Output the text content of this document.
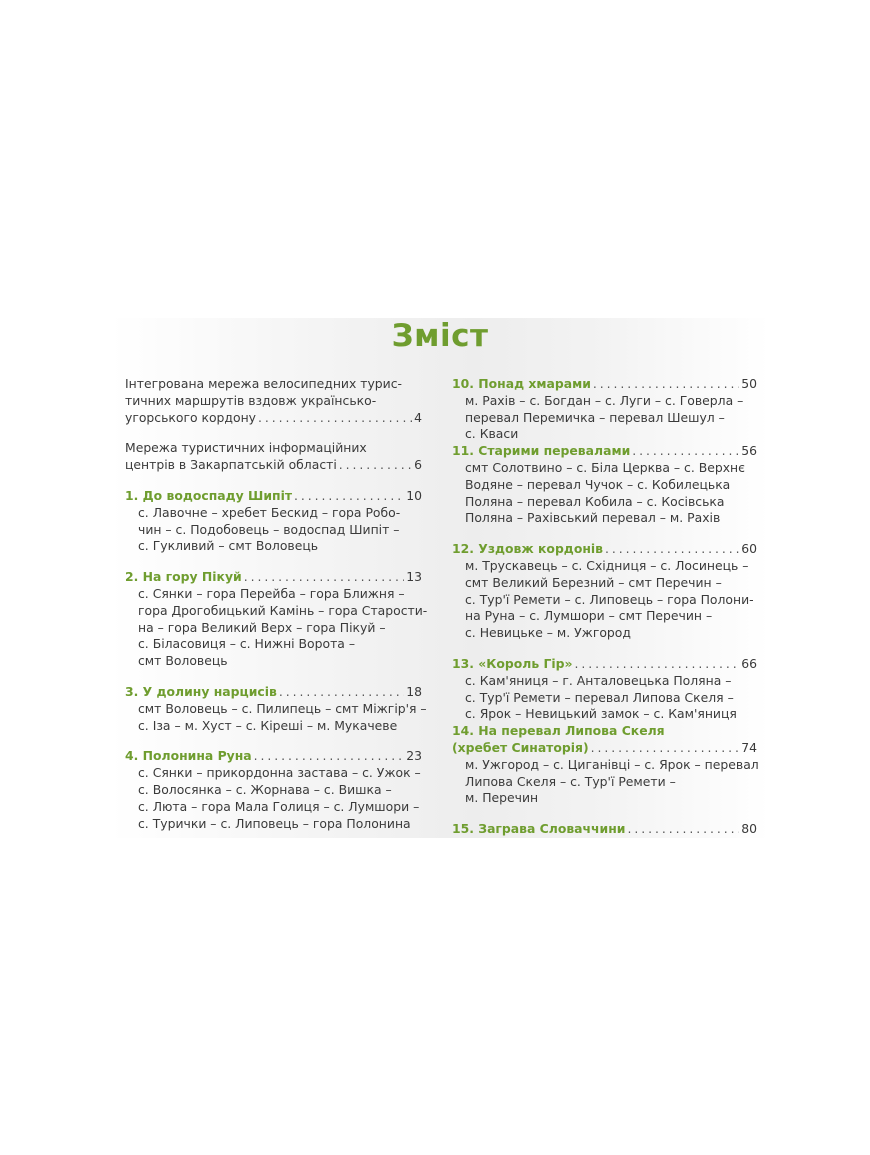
Зміст
Інтегрована мережа велосипедних турис-
тичних маршрутів вздовж українсько-
угорського кордону . . .	4
Мережа туристичних інформаційних
центрів в Закарпатській області . . .	6
1. До водоспаду Шипіт . . .	10
с. Лавочне – хребет Бескид – гора Робо-
чин – с. Подобовець – водоспад Шипіт –
с. Гукливий – смт Воловець
2. На гору Пікуй . . .	13
с. Сянки – гора Перейба – гора Ближня –
гора Дрогобицький Камінь – гора Старости-
на – гора Великий Верх – гора Пікуй –
с. Біласовиця – с. Нижні Ворота –
смт Воловець
3. У долину нарцисів . . .	18
смт Воловець – с. Пилипець – смт Міжгір'я –
с. Іза – м. Хуст – с. Кіреші – м. Мукачеве
4. Полонина Руна . . .	23
с. Сянки – прикордонна застава – с. Ужок –
с. Волосянка – с. Жорнава – с. Вишка –
с. Люта – гора Мала Голиця – с. Лумшори –
с. Турички – с. Липовець – гора Полонина
10. Понад хмарами . . .	50
м. Рахів – с. Богдан – с. Луги – с. Говерла –
перевал Перемичка – перевал Шешул –
с. Кваси
11. Старими перевалами . . .	56
смт Солотвино – с. Біла Церква – с. Верхнє
Водяне – перевал Чучок – с. Кобилецька
Поляна – перевал Кобила – с. Косівська
Поляна – Рахівський перевал – м. Рахів
12. Уздовж кордонів . . .	60
м. Трускавець – с. Східниця – с. Лосинець –
смт Великий Березний – смт Перечин –
с. Тур'ї Ремети – с. Липовець – гора Полони-
на Руна – с. Лумшори – смт Перечин –
с. Невицьке – м. Ужгород
13. «Король Гір» . . .	66
с. Кам'яниця – г. Анталовецька Поляна –
с. Тур'ї Ремети – перевал Липова Скеля –
с. Ярок – Невицький замок – с. Кам'яниця
14. На перевал Липова Скеля
(хребет Синаторія) . . .	74
м. Ужгород – с. Циганівці – с. Ярок – перевал
Липова Скеля – с. Тур'ї Ремети –
м. Перечин
15. Заграва Словаччини . . .	80
